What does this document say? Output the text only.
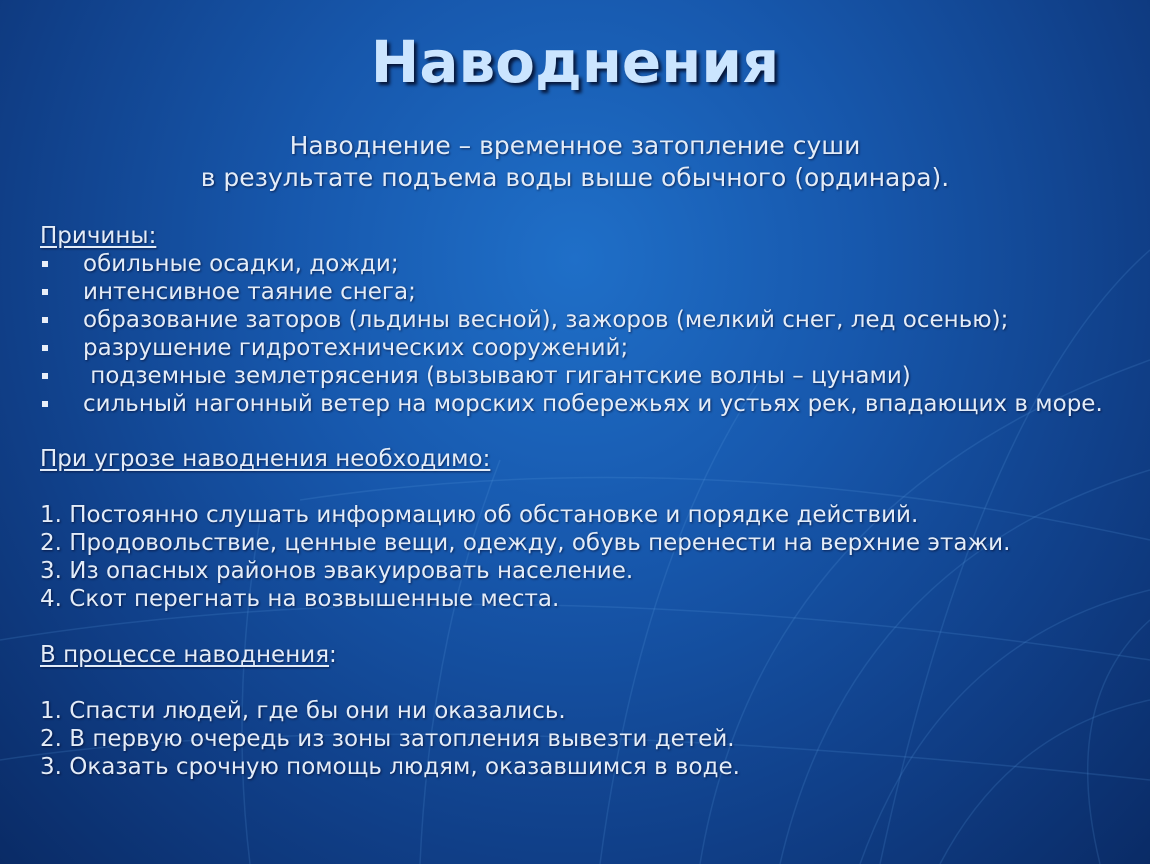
Наводнения
Наводнение – временное затопление суши
в результате подъема воды выше обычного (ординара).
Причины:
обильные осадки, дожди;
интенсивное таяние снега;
образование заторов (льдины весной), зажоров (мелкий снег, лед осенью);
разрушение гидротехнических сооружений;
подземные землетрясения (вызывают гигантские волны – цунами)
сильный нагонный ветер на морских побережьях и устьях рек, впадающих в море.
При угрозе наводнения необходимо:
1. Постоянно слушать информацию об обстановке и порядке действий.
2. Продовольствие, ценные вещи, одежду, обувь перенести на верхние этажи.
3. Из опасных районов эвакуировать население.
4. Скот перегнать на возвышенные места.
В процессе наводнения:
1. Спасти людей, где бы они ни оказались.
2. В первую очередь из зоны затопления вывезти детей.
3. Оказать срочную помощь людям, оказавшимся в воде.
